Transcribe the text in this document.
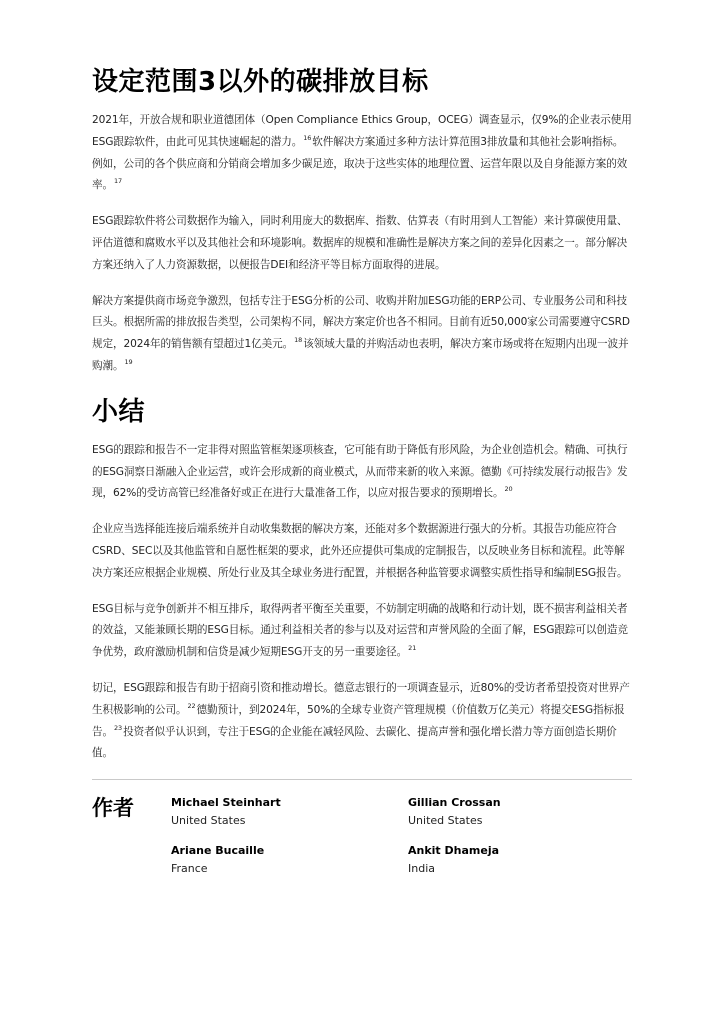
设定范围3以外的碳排放目标

2021年，开放合规和职业道德团体（Open Compliance Ethics Group，OCEG）调查显示，仅9%的企业表示使用ESG跟踪软件，由此可见其快速崛起的潜力。$^{16}$软件解决方案通过多种方法计算范围3排放量和其他社会影响指标。例如，公司的各个供应商和分销商会增加多少碳足迹，取决于这些实体的地理位置、运营年限以及自身能源方案的效率。$^{17}$

ESG跟踪软件将公司数据作为输入，同时利用庞大的数据库、指数、估算表（有时用到人工智能）来计算碳使用量、评估道德和腐败水平以及其他社会和环境影响。数据库的规模和准确性是解决方案之间的差异化因素之一。部分解决方案还纳入了人力资源数据，以便报告DEI和经济平等目标方面取得的进展。

解决方案提供商市场竞争激烈，包括专注于ESG分析的公司、收购并附加ESG功能的ERP公司、专业服务公司和科技巨头。根据所需的排放报告类型，公司架构不同，解决方案定价也各不相同。目前有近50,000家公司需要遵守CSRD规定，2024年的销售额有望超过1亿美元。$^{18}$该领域大量的并购活动也表明，解决方案市场或将在短期内出现一波并购潮。$^{19}$

小结

ESG的跟踪和报告不一定非得对照监管框架逐项核查，它可能有助于降低有形风险，为企业创造机会。精确、可执行的ESG洞察日渐融入企业运营，或许会形成新的商业模式，从而带来新的收入来源。德勤《可持续发展行动报告》发现，62%的受访高管已经准备好或正在进行大量准备工作，以应对报告要求的预期增长。$^{20}$

企业应当选择能连接后端系统并自动收集数据的解决方案，还能对多个数据源进行强大的分析。其报告功能应符合CSRD、SEC以及其他监管和自愿性框架的要求，此外还应提供可集成的定制报告，以反映业务目标和流程。此等解决方案还应根据企业规模、所处行业及其全球业务进行配置，并根据各种监管要求调整实质性指导和编制ESG报告。

ESG目标与竞争创新并不相互排斥，取得两者平衡至关重要，不妨制定明确的战略和行动计划，既不损害利益相关者的效益，又能兼顾长期的ESG目标。通过利益相关者的参与以及对运营和声誉风险的全面了解，ESG跟踪可以创造竞争优势，政府激励机制和信贷是减少短期ESG开支的另一重要途径。$^{21}$

切记，ESG跟踪和报告有助于招商引资和推动增长。德意志银行的一项调查显示，近80%的受访者希望投资对世界产生积极影响的公司。$^{22}$德勤预计，到2024年，50%的全球专业资产管理规模（价值数万亿美元）将提交ESG指标报告。$^{23}$投资者似乎认识到，专注于ESG的企业能在减轻风险、去碳化、提高声誉和强化增长潜力等方面创造长期价值。

作者	Michael Steinhart
United States
Gillian Crossan
United States
Ariane Bucaille
France
Ankit Dhameja
India
